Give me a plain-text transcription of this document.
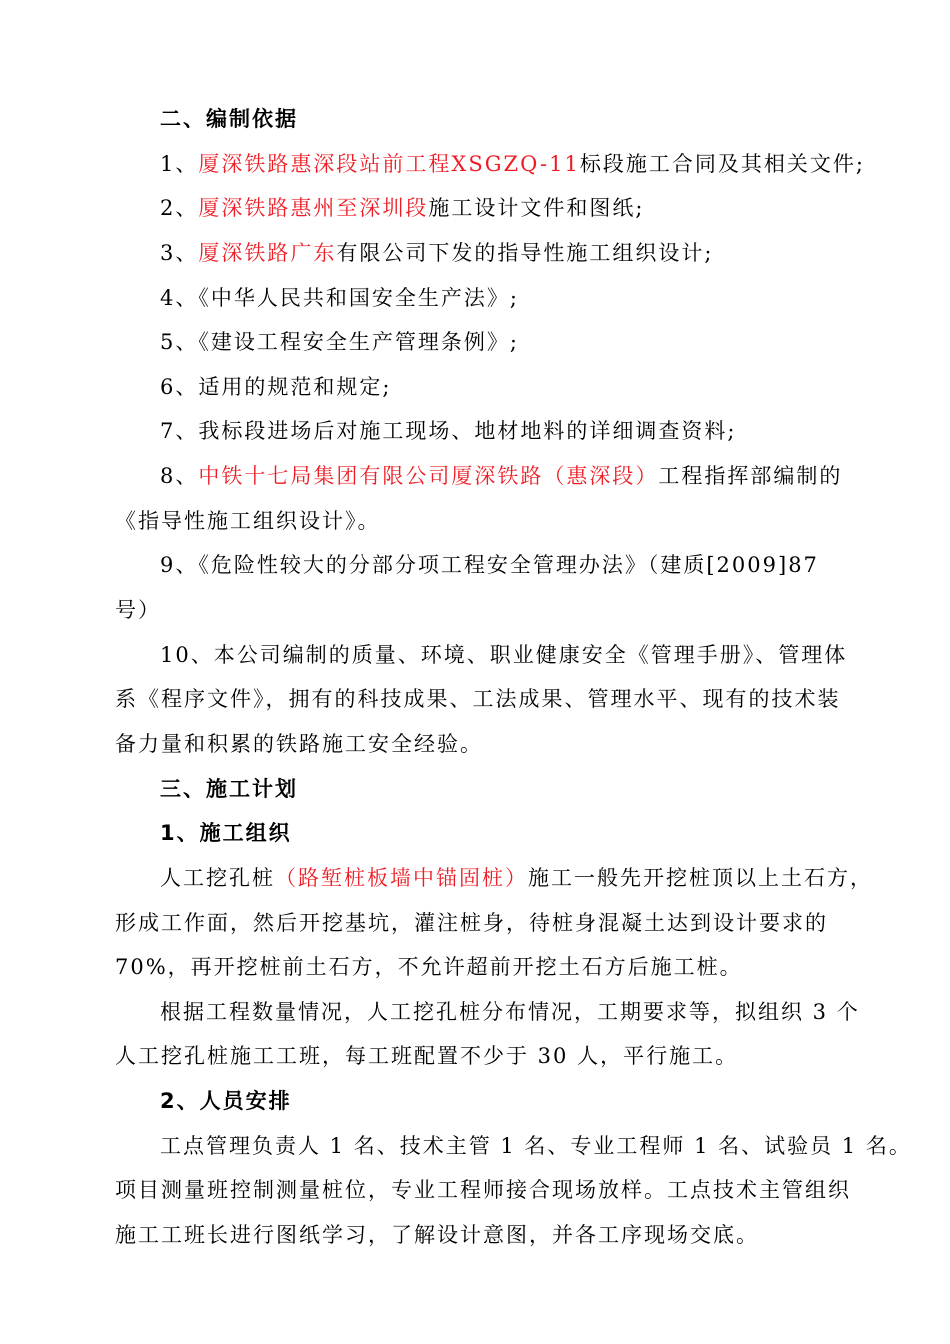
二、编制依据
1、厦深铁路惠深段站前工程XSGZQ-11标段施工合同及其相关文件;
2、厦深铁路惠州至深圳段施工设计文件和图纸;
3、厦深铁路广东有限公司下发的指导性施工组织设计;
4、《中华人民共和国安全生产法》;
5、《建设工程安全生产管理条例》;
6、适用的规范和规定;
7、我标段进场后对施工现场、地材地料的详细调查资料;
8、中铁十七局集团有限公司厦深铁路（惠深段）工程指挥部编制的
《指导性施工组织设计》。
9、《危险性较大的分部分项工程安全管理办法》（建质[2009]87
号）
10、本公司编制的质量、环境、职业健康安全《管理手册》、管理体
系《程序文件》，拥有的科技成果、工法成果、管理水平、现有的技术装
备力量和积累的铁路施工安全经验。
三、施工计划
1、施工组织
人工挖孔桩（路堑桩板墙中锚固桩）施工一般先开挖桩顶以上土石方，
形成工作面，然后开挖基坑，灌注桩身，待桩身混凝土达到设计要求的
70%，再开挖桩前土石方，不允许超前开挖土石方后施工桩。
根据工程数量情况，人工挖孔桩分布情况，工期要求等，拟组织 3 个
人工挖孔桩施工工班，每工班配置不少于 30 人，平行施工。
2、人员安排
工点管理负责人 1 名、技术主管 1 名、专业工程师 1 名、试验员 1 名。
项目测量班控制测量桩位，专业工程师接合现场放样。工点技术主管组织
施工工班长进行图纸学习，了解设计意图，并各工序现场交底。
